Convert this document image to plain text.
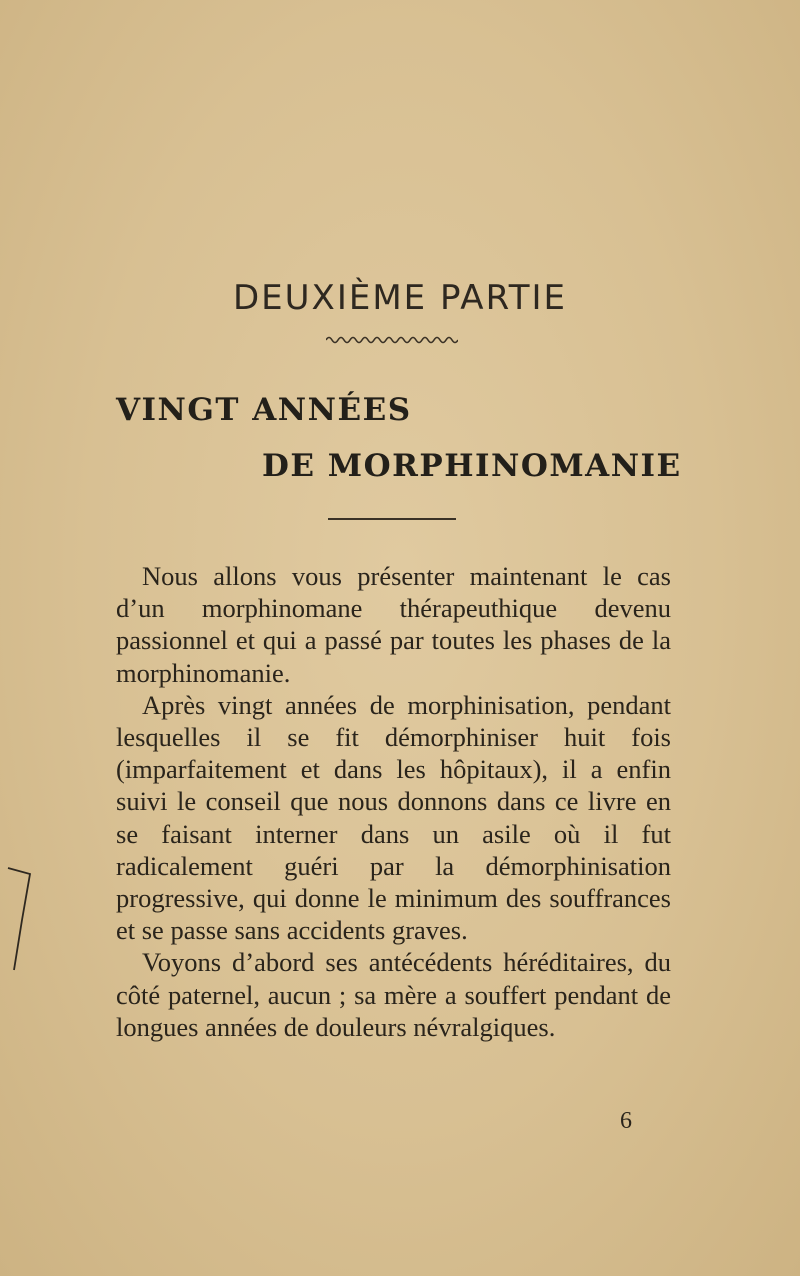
DEUXIÈME PARTIE
VINGT ANNÉES
DE MORPHINOMANIE

Nous allons vous présenter maintenant le cas d’un morphinomane thérapeuthique devenu passionnel et qui a passé par toutes les phases de la morphinomanie.

Après vingt années de morphinisation, pendant lesquelles il se fit démorphiniser huit fois (imparfaitement et dans les hôpitaux), il a enfin suivi le conseil que nous donnons dans ce livre en se faisant interner dans un asile où il fut radicalement guéri par la démorphinisation progressive, qui donne le minimum des souffrances et se passe sans accidents graves.

Voyons d’abord ses antécédents héréditaires, du côté paternel, aucun ; sa mère a souffert pendant de longues années de douleurs névralgiques.

6
